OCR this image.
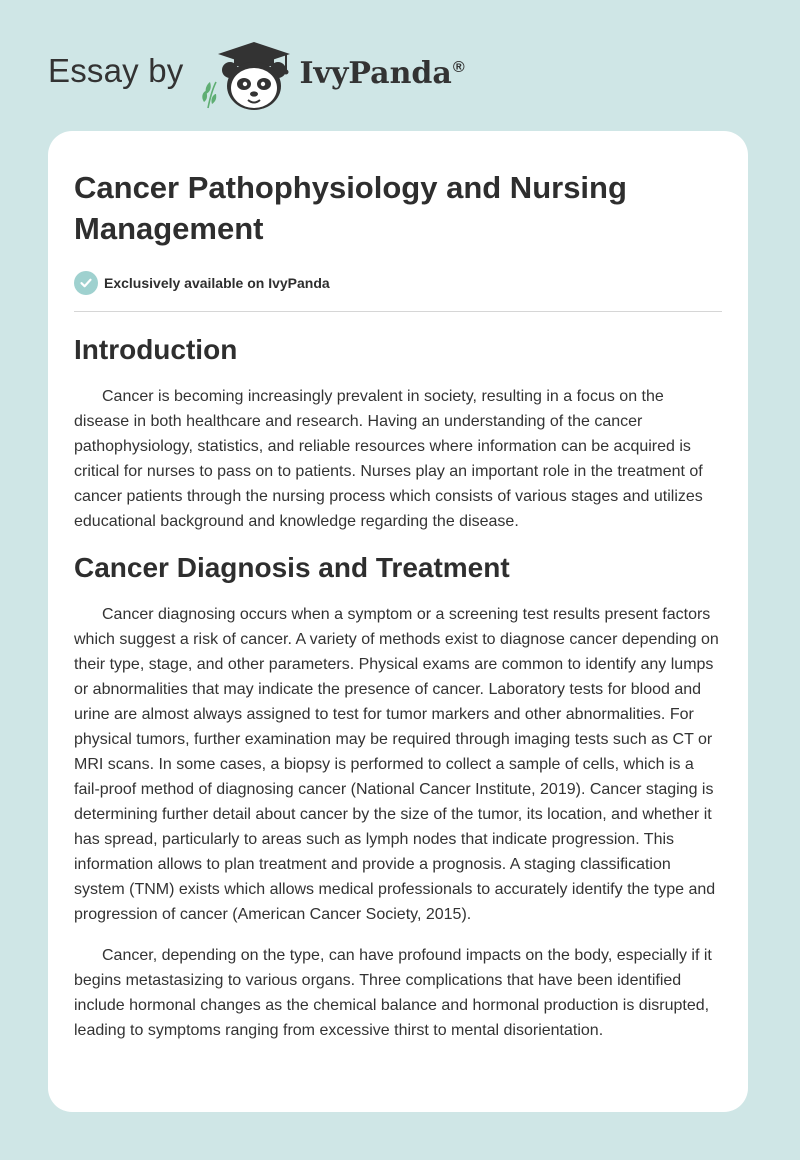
Essay by	IvyPanda®
Cancer Pathophysiology and Nursing Management
Exclusively available on IvyPanda
Introduction

Cancer is becoming increasingly prevalent in society, resulting in a focus on the disease in both healthcare and research. Having an understanding of the cancer pathophysiology, statistics, and reliable resources where information can be acquired is critical for nurses to pass on to patients. Nurses play an important role in the treatment of cancer patients through the nursing process which consists of various stages and utilizes educational background and knowledge regarding the disease.

Cancer Diagnosis and Treatment

Cancer diagnosing occurs when a symptom or a screening test results present factors which suggest a risk of cancer. A variety of methods exist to diagnose cancer depending on their type, stage, and other parameters. Physical exams are common to identify any lumps or abnormalities that may indicate the presence of cancer. Laboratory tests for blood and urine are almost always assigned to test for tumor markers and other abnormalities. For physical tumors, further examination may be required through imaging tests such as CT or MRI scans. In some cases, a biopsy is performed to collect a sample of cells, which is a fail-proof method of diagnosing cancer (National Cancer Institute, 2019). Cancer staging is determining further detail about cancer by the size of the tumor, its location, and whether it has spread, particularly to areas such as lymph nodes that indicate progression. This information allows to plan treatment and provide a prognosis. A staging classification system (TNM) exists which allows medical professionals to accurately identify the type and progression of cancer (American Cancer Society, 2015).

Cancer, depending on the type, can have profound impacts on the body, especially if it begins metastasizing to various organs. Three complications that have been identified include hormonal changes as the chemical balance and hormonal production is disrupted, leading to symptoms ranging from excessive thirst to mental disorientation.
